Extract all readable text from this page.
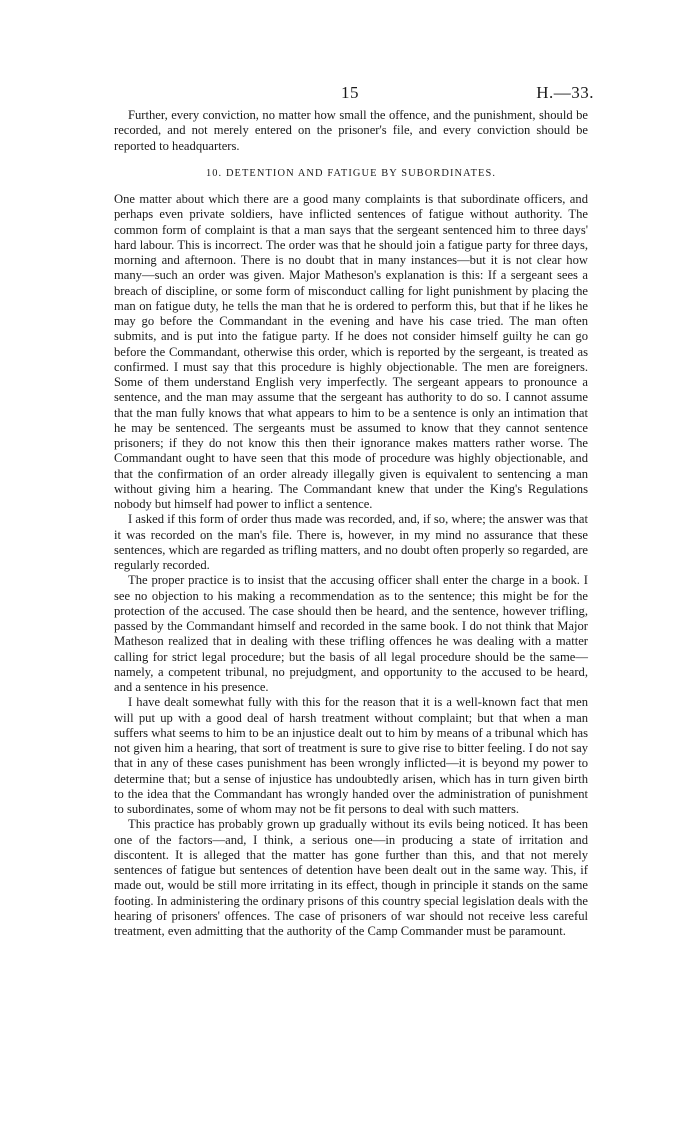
15	H.—33.

Further, every conviction, no matter how small the offence, and the punishment, should be recorded, and not merely entered on the prisoner's file, and every conviction should be reported to headquarters.

10. DETENTION AND FATIGUE BY SUBORDINATES.

One matter about which there are a good many complaints is that subordinate officers, and perhaps even private soldiers, have inflicted sentences of fatigue without authority. The common form of complaint is that a man says that the sergeant sentenced him to three days' hard labour. This is incorrect. The order was that he should join a fatigue party for three days, morning and afternoon. There is no doubt that in many instances—but it is not clear how many—such an order was given. Major Matheson's explanation is this: If a sergeant sees a breach of discipline, or some form of misconduct calling for light punishment by placing the man on fatigue duty, he tells the man that he is ordered to perform this, but that if he likes he may go before the Commandant in the evening and have his case tried. The man often submits, and is put into the fatigue party. If he does not consider himself guilty he can go before the Commandant, otherwise this order, which is reported by the sergeant, is treated as confirmed. I must say that this procedure is highly objectionable. The men are foreigners. Some of them understand English very imperfectly. The sergeant appears to pronounce a sentence, and the man may assume that the sergeant has authority to do so. I cannot assume that the man fully knows that what appears to him to be a sentence is only an intimation that he may be sentenced. The sergeants must be assumed to know that they cannot sentence prisoners; if they do not know this then their ignorance makes matters rather worse. The Commandant ought to have seen that this mode of procedure was highly objectionable, and that the confirmation of an order already illegally given is equivalent to sentencing a man without giving him a hearing. The Commandant knew that under the King's Regulations nobody but himself had power to inflict a sentence.

I asked if this form of order thus made was recorded, and, if so, where; the answer was that it was recorded on the man's file. There is, however, in my mind no assurance that these sentences, which are regarded as trifling matters, and no doubt often properly so regarded, are regularly recorded.

The proper practice is to insist that the accusing officer shall enter the charge in a book. I see no objection to his making a recommendation as to the sentence; this might be for the protection of the accused. The case should then be heard, and the sentence, however trifling, passed by the Commandant himself and recorded in the same book. I do not think that Major Matheson realized that in dealing with these trifling offences he was dealing with a matter calling for strict legal procedure; but the basis of all legal procedure should be the same—namely, a competent tribunal, no prejudgment, and opportunity to the accused to be heard, and a sentence in his presence.

I have dealt somewhat fully with this for the reason that it is a well-known fact that men will put up with a good deal of harsh treatment without complaint; but that when a man suffers what seems to him to be an injustice dealt out to him by means of a tribunal which has not given him a hearing, that sort of treatment is sure to give rise to bitter feeling. I do not say that in any of these cases punishment has been wrongly inflicted—it is beyond my power to determine that; but a sense of injustice has undoubtedly arisen, which has in turn given birth to the idea that the Commandant has wrongly handed over the administration of punishment to subordinates, some of whom may not be fit persons to deal with such matters.

This practice has probably grown up gradually without its evils being noticed. It has been one of the factors—and, I think, a serious one—in producing a state of irritation and discontent. It is alleged that the matter has gone further than this, and that not merely sentences of fatigue but sentences of detention have been dealt out in the same way. This, if made out, would be still more irritating in its effect, though in principle it stands on the same footing. In administering the ordinary prisons of this country special legislation deals with the hearing of prisoners' offences. The case of prisoners of war should not receive less careful treatment, even admitting that the authority of the Camp Commander must be paramount.
